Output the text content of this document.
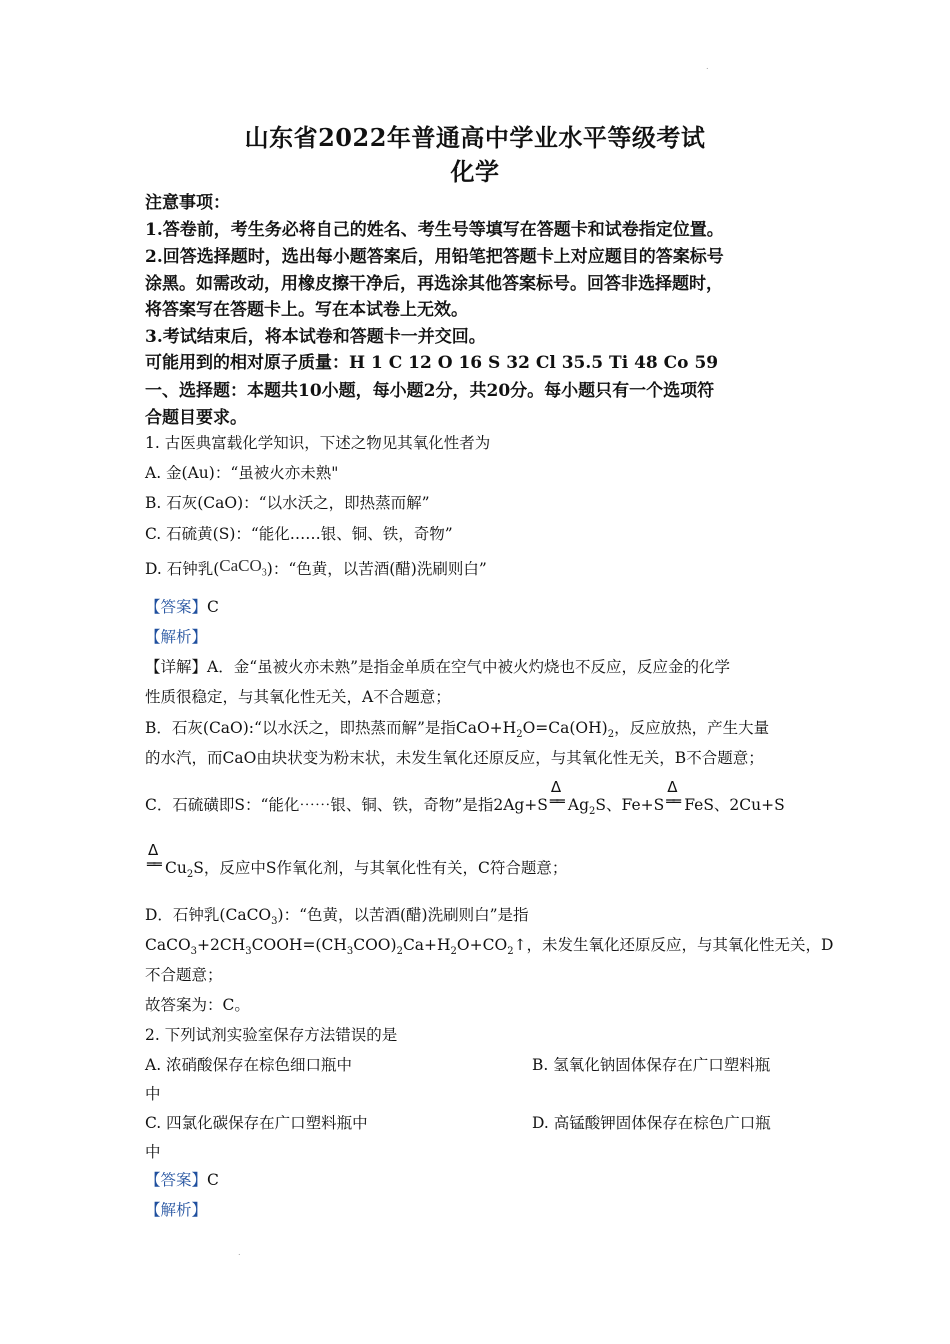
.
山东省2022年普通高中学业水平等级考试
化学
注意事项：
1.答卷前，考生务必将自己的姓名、考生号等填写在答题卡和试卷指定位置。
2.回答选择题时，选出每小题答案后，用铅笔把答题卡上对应题目的答案标号
涂黑。如需改动，用橡皮擦干净后，再选涂其他答案标号。回答非选择题时，
将答案写在答题卡上。写在本试卷上无效。
3.考试结束后，将本试卷和答题卡一并交回。
可能用到的相对原子质量：H 1 C 12 O 16 S 32 Cl 35.5 Ti 48 Co 59
一、选择题：本题共10小题，每小题2分，共20分。每小题只有一个选项符
合题目要求。
1. 古医典富载化学知识，下述之物见其氧化性者为
A. 金(Au)：“虽被火亦未熟"
B. 石灰(CaO)：“以水沃之，即热蒸而解”
C. 石硫黄(S)：“能化……银、铜、铁，奇物”
D. 石钟乳(CaCO$_3$)：“色黄，以苦酒(醋)洗刷则白”
【答案】C
【解析】
【详解】A．金“虽被火亦未熟”是指金单质在空气中被火灼烧也不反应，反应金的化学
性质很稳定，与其氧化性无关，A不合题意；
B．石灰(CaO):“以水沃之，即热蒸而解”是指$CaO+H_2O=Ca(OH)_2$，反应放热，产生大量
的水汽，而CaO由块状变为粉末状，未发生氧化还原反应，与其氧化性无关，B不合题意；
C．石硫磺即S：“能化⋯⋯银、铜、铁，奇物”是指2Ag+S
Δ
══ $Ag_2S$、Fe+S
Δ
══ FeS、2Cu+S
Δ
══ $Cu_2S$，反应中S作氧化剂，与其氧化性有关，C符合题意；
D．石钟乳(CaCO$_3$)：“色黄，以苦酒(醋)洗刷则白”是指
$CaCO_3+2CH_3COOH=(CH_3COO)_2Ca+H_2O+CO_2↑$，未发生氧化还原反应，与其氧化性无关，D
不合题意；
故答案为：C。
2. 下列试剂实验室保存方法错误的是
A. 浓硝酸保存在棕色细口瓶中	B. 氢氧化钠固体保存在广口塑料瓶
中
C. 四氯化碳保存在广口塑料瓶中	D. 高锰酸钾固体保存在棕色广口瓶
中
【答案】C
【解析】
.
